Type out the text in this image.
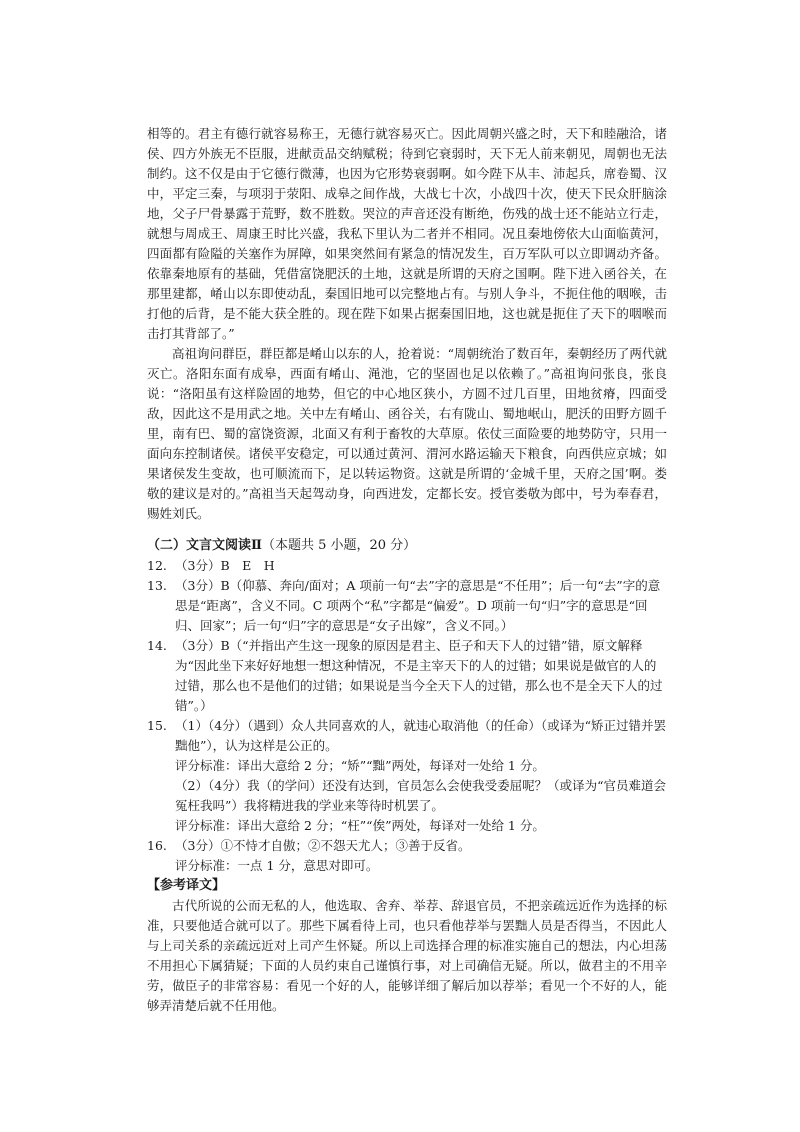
相等的。君主有德行就容易称王，无德行就容易灭亡。因此周朝兴盛之时，天下和睦融洽，诸侯、四方外族无不臣服，进献贡品交纳赋税；待到它衰弱时，天下无人前来朝见，周朝也无法制约。这不仅是由于它德行微薄，也因为它形势衰弱啊。如今陛下从丰、沛起兵，席卷蜀、汉中，平定三秦，与项羽于荥阳、成皋之间作战，大战七十次，小战四十次，使天下民众肝脑涂地，父子尸骨暴露于荒野，数不胜数。哭泣的声音还没有断绝，伤残的战士还不能站立行走，就想与周成王、周康王时比兴盛，我私下里认为二者并不相同。况且秦地傍依大山面临黄河，四面都有险隘的关塞作为屏障，如果突然间有紧急的情况发生，百万军队可以立即调动齐备。依靠秦地原有的基础，凭借富饶肥沃的土地，这就是所谓的天府之国啊。陛下进入函谷关，在那里建都，崤山以东即使动乱，秦国旧地可以完整地占有。与别人争斗，不扼住他的咽喉，击打他的后背，是不能大获全胜的。现在陛下如果占据秦国旧地，这也就是扼住了天下的咽喉而击打其背部了。”

高祖询问群臣，群臣都是崤山以东的人，抢着说：“周朝统治了数百年，秦朝经历了两代就灭亡。洛阳东面有成皋，西面有崤山、渑池，它的坚固也足以依赖了。”高祖询问张良，张良说：“洛阳虽有这样险固的地势，但它的中心地区狭小，方圆不过几百里，田地贫瘠，四面受敌，因此这不是用武之地。关中左有崤山、函谷关，右有陇山、蜀地岷山，肥沃的田野方圆千里，南有巴、蜀的富饶资源，北面又有利于畜牧的大草原。依仗三面险要的地势防守，只用一面向东控制诸侯。诸侯平安稳定，可以通过黄河、渭河水路运输天下粮食，向西供应京城；如果诸侯发生变故，也可顺流而下，足以转运物资。这就是所谓的‘金城千里，天府之国’啊。娄敬的建议是对的。”高祖当天起驾动身，向西进发，定都长安。授官娄敬为郎中，号为奉春君，赐姓刘氏。

（二）文言文阅读Ⅱ（本题共 5 小题，20 分）
12. （3分）B　E　H
13. （3分）B（仰慕、奔向/面对；A 项前一句“去”字的意思是“不任用”；后一句“去”字的意思是“距离”，含义不同。C 项两个“私”字都是“偏爱”。D 项前一句“归”字的意思是“回归、回家”；后一句“归”字的意思是“女子出嫁”，含义不同。）
14. （3分）B（“并指出产生这一现象的原因是君主、臣子和天下人的过错”错，原文解释为“因此坐下来好好地想一想这种情况，不是主宰天下的人的过错；如果说是做官的人的过错，那么也不是他们的过错；如果说是当今全天下人的过错，那么也不是全天下人的过错”。）
15. （1）（4分）（遇到）众人共同喜欢的人，就违心取消他（的任命）（或译为“矫正过错并罢黜他”），认为这样是公正的。
评分标准：译出大意给 2 分；“矫”“黜”两处，每译对一处给 1 分。
（2）（4分）我（的学问）还没有达到，官员怎么会使我受委屈呢？（或译为“官员难道会冤枉我吗”）我将精进我的学业来等待时机罢了。
评分标准：译出大意给 2 分；“枉”“俟”两处，每译对一处给 1 分。
16. （3分）①不恃才自傲；②不怨天尤人；③善于反省。
评分标准：一点 1 分，意思对即可。
【参考译文】

古代所说的公而无私的人，他选取、舍弃、举荐、辞退官员，不把亲疏远近作为选择的标准，只要他适合就可以了。那些下属看待上司，也只看他荐举与罢黜人员是否得当，不因此人与上司关系的亲疏远近对上司产生怀疑。所以上司选择合理的标准实施自己的想法，内心坦荡不用担心下属猜疑；下面的人员约束自己谨慎行事，对上司确信无疑。所以，做君主的不用辛劳，做臣子的非常容易：看见一个好的人，能够详细了解后加以荐举；看见一个不好的人，能够弄清楚后就不任用他。
